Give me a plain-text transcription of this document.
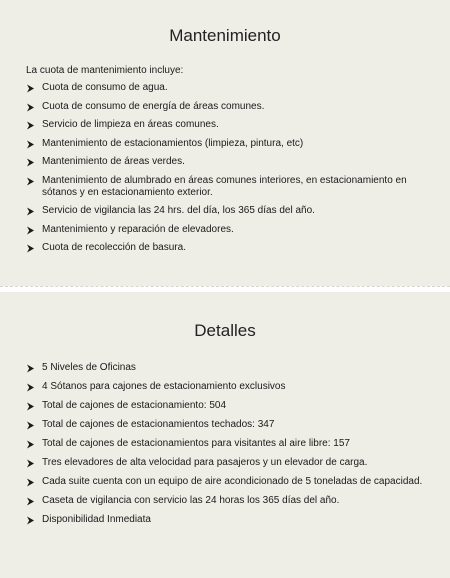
Mantenimiento

La cuota de mantenimiento incluye:

Cuota de consumo de agua.
Cuota de consumo de energía de áreas comunes.
Servicio de limpieza en áreas comunes.
Mantenimiento de estacionamientos (limpieza, pintura, etc)
Mantenimiento de áreas verdes.
Mantenimiento de alumbrado en áreas comunes interiores, en estacionamiento en sótanos y en estacionamiento exterior.
Servicio de vigilancia las 24 hrs. del día, los 365 días del año.
Mantenimiento y reparación de elevadores.
Cuota de recolección de basura.
Detalles
5 Niveles de Oficinas
4 Sótanos para cajones de estacionamiento exclusivos
Total de cajones de estacionamiento: 504
Total de cajones de estacionamientos techados: 347
Total de cajones de estacionamientos para visitantes al aire libre: 157
Tres elevadores de alta velocidad para pasajeros y un elevador de carga.
Cada suite cuenta con un equipo de aire acondicionado de 5 toneladas de capacidad.
Caseta de vigilancia con servicio las 24 horas los 365 días del año.
Disponibilidad Inmediata
